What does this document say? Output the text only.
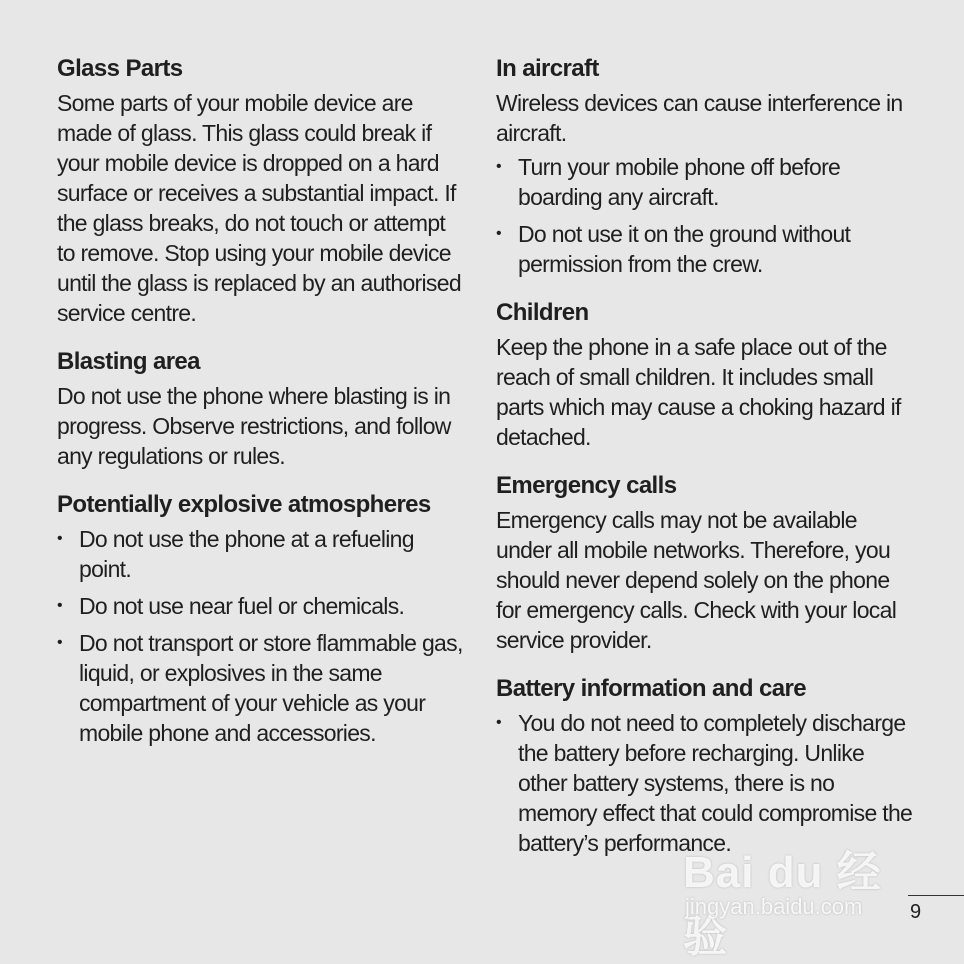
Glass Parts

Some parts of your mobile device are made of glass. This glass could break if your mobile device is dropped on a hard surface or receives a substantial impact. If the glass breaks, do not touch or attempt to remove. Stop using your mobile device until the glass is replaced by an authorised service centre.

Blasting area

Do not use the phone where blasting is in progress. Observe restrictions, and follow any regulations or rules.

Potentially explosive atmospheres
• Do not use the phone at a refueling point.
• Do not use near fuel or chemicals.
• Do not transport or store flammable gas, liquid, or explosives in the same compartment of your vehicle as your mobile phone and accessories.
In aircraft

Wireless devices can cause interference in aircraft.

• Turn your mobile phone off before boarding any aircraft.
• Do not use it on the ground without permission from the crew.
Children

Keep the phone in a safe place out of the reach of small children. It includes small parts which may cause a choking hazard if detached.

Emergency calls

Emergency calls may not be available under all mobile networks. Therefore, you should never depend solely on the phone for emergency calls. Check with your local service provider.

Battery information and care
• You do not need to completely discharge the battery before recharging. Unlike other battery systems, there is no memory effect that could compromise the battery’s performance.
Bai du 经验
jingyan.baidu.com 9
